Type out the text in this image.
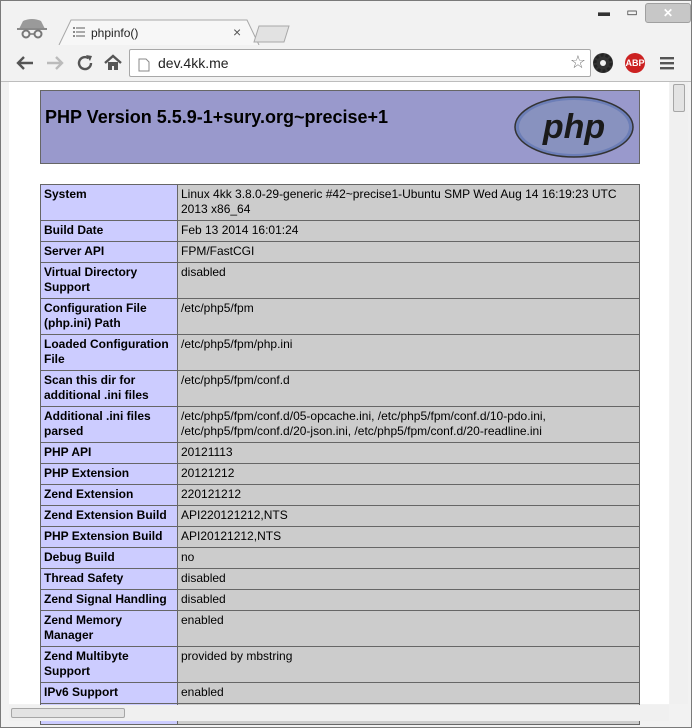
phpinfo()	×
▬	▭	✕
dev.4kk.me	☆	ABP
PHP Version 5.5.9-1+sury.org~precise+1	php
System	Linux 4kk 3.8.0-29-generic #42~precise1-Ubuntu SMP Wed Aug 14 16:19:23 UTC 2013 x86_64
Build Date	Feb 13 2014 16:01:24
Server API	FPM/FastCGI
Virtual Directory Support	disabled
Configuration File (php.ini) Path	/etc/php5/fpm
Loaded Configuration File	/etc/php5/fpm/php.ini
Scan this dir for additional .ini files	/etc/php5/fpm/conf.d
Additional .ini files parsed	/etc/php5/fpm/conf.d/05-opcache.ini, /etc/php5/fpm/conf.d/10-pdo.ini, /etc/php5/fpm/conf.d/20-json.ini, /etc/php5/fpm/conf.d/20-readline.ini
PHP API	20121113
PHP Extension	20121212
Zend Extension	220121212
Zend Extension Build	API220121212,NTS
PHP Extension Build	API20121212,NTS
Debug Build	no
Thread Safety	disabled
Zend Signal Handling	disabled
Zend Memory Manager	enabled
Zend Multibyte Support	provided by mbstring
IPv6 Support	enabled
